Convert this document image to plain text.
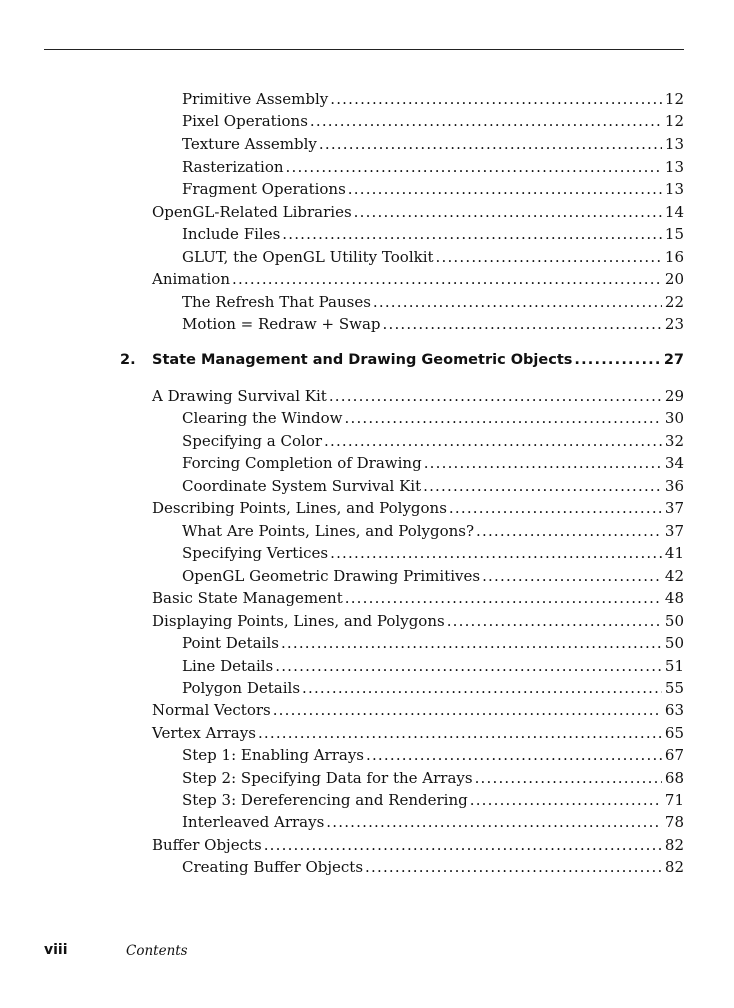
Primitive Assembly .....	12
Pixel Operations .....	12
Texture Assembly .....	13
Rasterization .....	13
Fragment Operations .....	13
OpenGL-Related Libraries .....	14
Include Files .....	15
GLUT, the OpenGL Utility Toolkit .....	16
Animation .....	20
The Refresh That Pauses .....	22
Motion = Redraw + Swap .....	23
2. State Management and Drawing Geometric Objects .....	27
A Drawing Survival Kit .....	29
Clearing the Window .....	30
Specifying a Color .....	32
Forcing Completion of Drawing .....	34
Coordinate System Survival Kit .....	36
Describing Points, Lines, and Polygons .....	37
What Are Points, Lines, and Polygons? .....	37
Specifying Vertices .....	41
OpenGL Geometric Drawing Primitives .....	42
Basic State Management .....	48
Displaying Points, Lines, and Polygons .....	50
Point Details .....	50
Line Details .....	51
Polygon Details .....	55
Normal Vectors .....	63
Vertex Arrays .....	65
Step 1: Enabling Arrays .....	67
Step 2: Specifying Data for the Arrays .....	68
Step 3: Dereferencing and Rendering .....	71
Interleaved Arrays .....	78
Buffer Objects .....	82
Creating Buffer Objects .....	82
viii	Contents
